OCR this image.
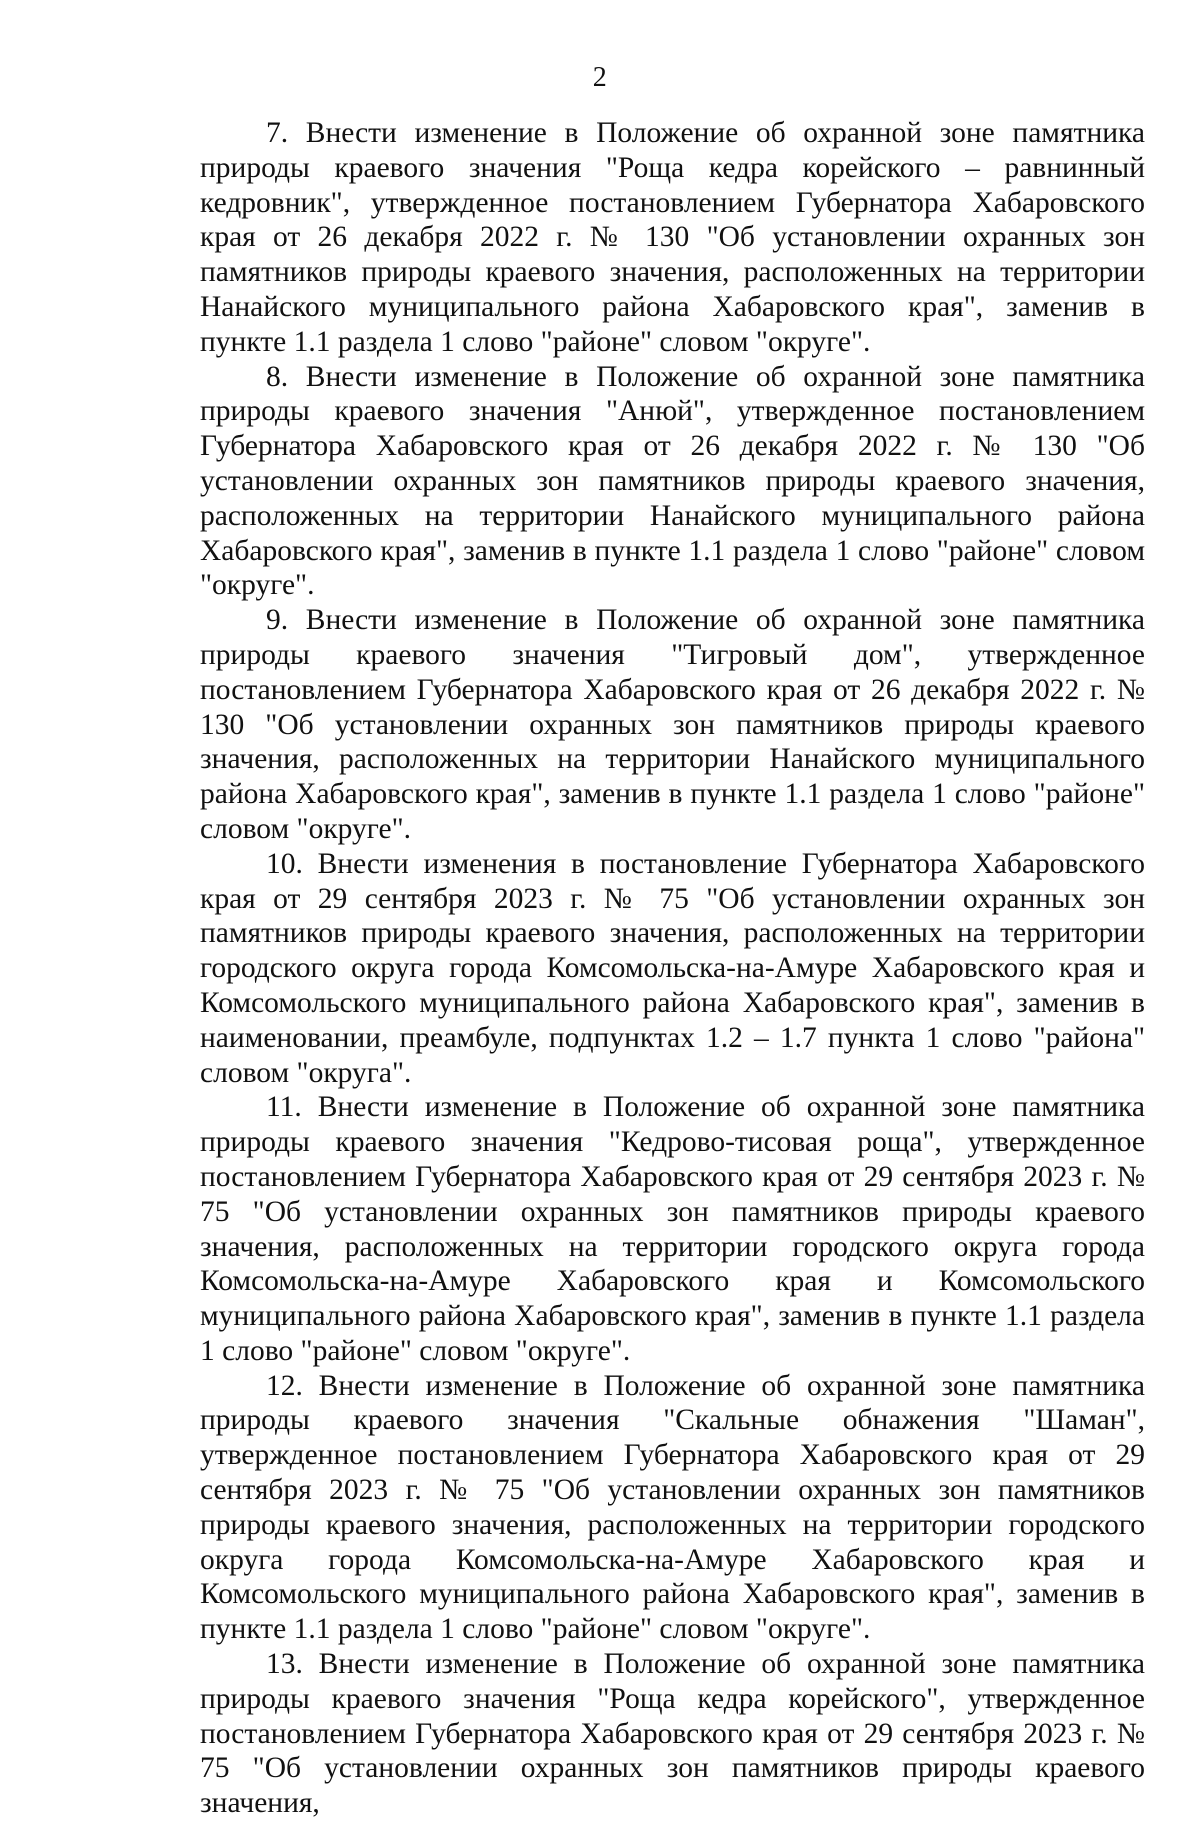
2

7. Внести изменение в Положение об охранной зоне памятника природы краевого значения "Роща кедра корейского – равнинный кедровник", утвержденное постановлением Губернатора Хабаровского края от 26 декабря 2022 г. № 130 "Об установлении охранных зон памятников природы краевого значения, расположенных на территории Нанайского муниципального района Хабаровского края", заменив в пункте 1.1 раздела 1 слово "районе" словом "округе".

8. Внести изменение в Положение об охранной зоне памятника природы краевого значения "Анюй", утвержденное постановлением Губернатора Хабаровского края от 26 декабря 2022 г. № 130 "Об установлении охранных зон памятников природы краевого значения, расположенных на территории Нанайского муниципального района Хабаровского края", заменив в пункте 1.1 раздела 1 слово "районе" словом "округе".

9. Внести изменение в Положение об охранной зоне памятника природы краевого значения "Тигровый дом", утвержденное постановлением Губернатора Хабаровского края от 26 декабря 2022 г. № 130 "Об установлении охранных зон памятников природы краевого значения, расположенных на территории Нанайского муниципального района Хабаровского края", заменив в пункте 1.1 раздела 1 слово "районе" словом "округе".

10. Внести изменения в постановление Губернатора Хабаровского края от 29 сентября 2023 г. № 75 "Об установлении охранных зон памятников природы краевого значения, расположенных на территории городского округа города Комсомольска-на-Амуре Хабаровского края и Комсомольского муниципального района Хабаровского края", заменив в наименовании, преамбуле, подпунктах 1.2 – 1.7 пункта 1 слово "района" словом "округа".

11. Внести изменение в Положение об охранной зоне памятника природы краевого значения "Кедрово-тисовая роща", утвержденное постановлением Губернатора Хабаровского края от 29 сентября 2023 г. № 75 "Об установлении охранных зон памятников природы краевого значения, расположенных на территории городского округа города Комсомольска-на-Амуре Хабаровского края и Комсомольского муниципального района Хабаровского края", заменив в пункте 1.1 раздела 1 слово "районе" словом "округе".

12. Внести изменение в Положение об охранной зоне памятника природы краевого значения "Скальные обнажения "Шаман", утвержденное постановлением Губернатора Хабаровского края от 29 сентября 2023 г. № 75 "Об установлении охранных зон памятников природы краевого значения, расположенных на территории городского округа города Комсомольска-на-Амуре Хабаровского края и Комсомольского муниципального района Хабаровского края", заменив в пункте 1.1 раздела 1 слово "районе" словом "округе".

13. Внести изменение в Положение об охранной зоне памятника природы краевого значения "Роща кедра корейского", утвержденное постановлением Губернатора Хабаровского края от 29 сентября 2023 г. № 75 "Об установлении охранных зон памятников природы краевого значения,
